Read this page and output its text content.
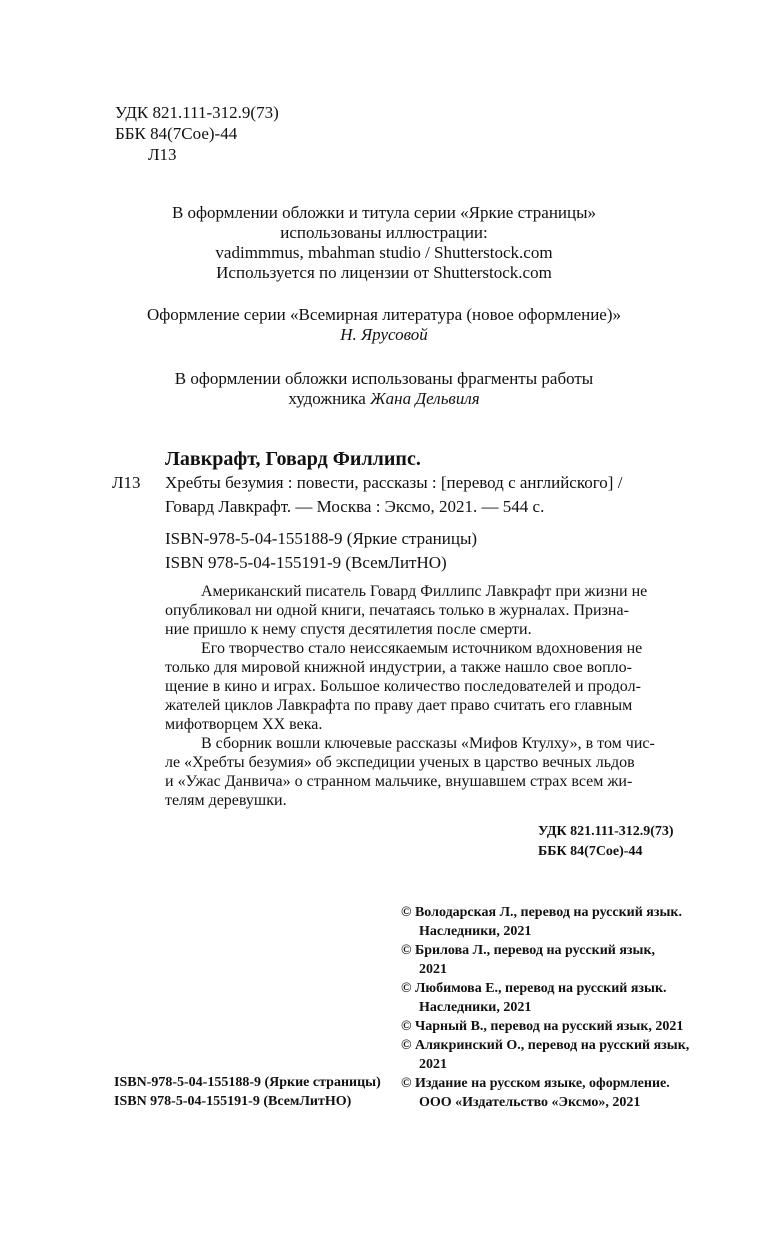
УДК 821.111-312.9(73)
ББК 84(7Сое)-44
Л13
В оформлении обложки и титула серии «Яркие страницы»
использованы иллюстрации:
vadimmmus, mbahman studio / Shutterstock.com
Используется по лицензии от Shutterstock.com
Оформление серии «Всемирная литература (новое оформление)»
Н. Ярусовой
В оформлении обложки использованы фрагменты работы
художника Жана Дельвиля
Лавкрафт, Говард Филлипс.
Л13 Хребты безумия : повести, рассказы : [перевод с английского] /
Говард Лавкрафт. — Москва : Эксмо, 2021. — 544 с.
ISBN-978-5-04-155188-9 (Яркие страницы)
ISBN 978-5-04-155191-9 (ВсемЛитНО)
Американский писатель Говард Филлипс Лавкрафт при жизни не
опубликовал ни одной книги, печатаясь только в журналах. Призна-
ние пришло к нему спустя десятилетия после смерти.
Его творчество стало неиссякаемым источником вдохновения не
только для мировой книжной индустрии, а также нашло свое вопло-
щение в кино и играх. Большое количество последователей и продол-
жателей циклов Лавкрафта по праву дает право считать его главным
мифотворцем XX века.
В сборник вошли ключевые рассказы «Мифов Ктулху», в том чис-
ле «Хребты безумия» об экспедиции ученых в царство вечных льдов
и «Ужас Данвича» о странном мальчике, внушавшем страх всем жи-
телям деревушки.
УДК 821.111-312.9(73)
ББК 84(7Сое)-44
© Володарская Л., перевод на русский язык.
Наследники, 2021
© Брилова Л., перевод на русский язык,
2021
© Любимова Е., перевод на русский язык.
Наследники, 2021
© Чарный В., перевод на русский язык, 2021
© Алякринский О., перевод на русский язык,
2021
© Издание на русском языке, оформление.
ООО «Издательство «Эксмо», 2021
ISBN-978-5-04-155188-9 (Яркие страницы)
ISBN 978-5-04-155191-9 (ВсемЛитНО)
